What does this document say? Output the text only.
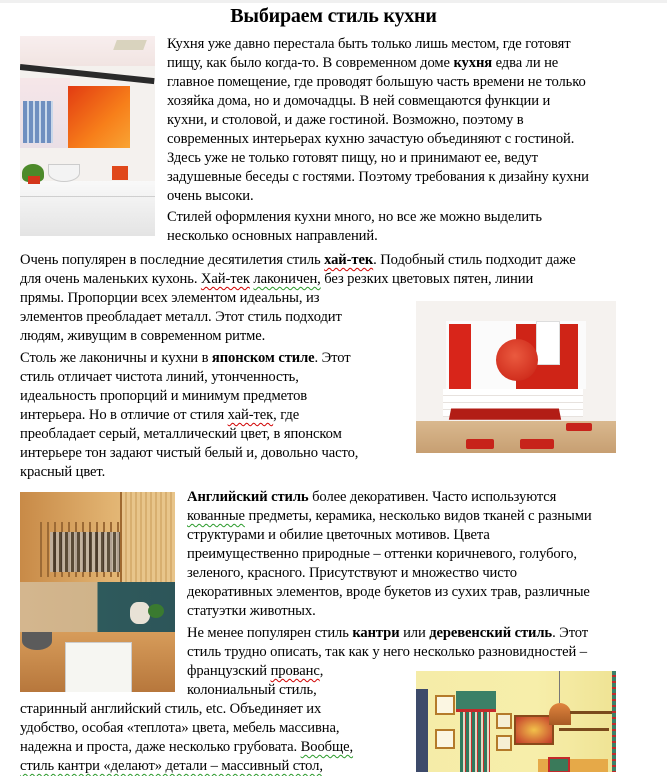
Выбираем стиль кухни
Кухня уже давно перестала быть только лишь местом, где готовят
пищу, как было когда-то. В современном доме кухня едва ли не
главное помещение, где проводят большую часть времени не только
хозяйка дома, но и домочадцы. В ней совмещаются функции и
кухни, и столовой, и даже гостиной. Возможно, поэтому в
современных интерьерах кухню зачастую объединяют с гостиной.
Здесь уже не только готовят пищу, но и принимают ее, ведут
задушевные беседы с гостями. Поэтому требования к дизайну кухни
очень высоки.
Стилей оформления кухни много, но все же можно выделить
несколько основных направлений.
Очень популярен в последние десятилетия стиль хай-тек. Подобный стиль подходит даже
для очень маленьких кухонь. Хай-тек лаконичен, без резких цветовых пятен, линии
прямы. Пропорции всех элементом идеальны, из
элементов преобладает металл. Этот стиль подходит
людям, живущим в современном ритме.
Столь же лаконичны и кухни в японском стиле. Этот
стиль отличает чистота линий, утонченность,
идеальность пропорций и минимум предметов
интерьера. Но в отличие от стиля хай-тек, где
преобладает серый, металлический цвет, в японском
интерьере тон задают чистый белый и, довольно часто,
красный цвет.
Английский стиль более декоративен. Часто используются
кованные предметы, керамика, несколько видов тканей с разными
структурами и обилие цветочных мотивов. Цвета
преимущественно природные – оттенки коричневого, голубого,
зеленого, красного. Присутствуют и множество чисто
декоративных элементов, вроде букетов из сухих трав, различные
статуэтки животных.
Не менее популярен стиль кантри или деревенский стиль. Этот
стиль трудно описать, так как у него несколько разновидностей –
французский прованс,
колониальный стиль,
старинный английский стиль, etc. Объединяет их
удобство, особая «теплота» цвета, мебель массивна,
надежна и проста, даже несколько грубовата. Вообще,
стиль кантри «делают» детали – массивный стол,
